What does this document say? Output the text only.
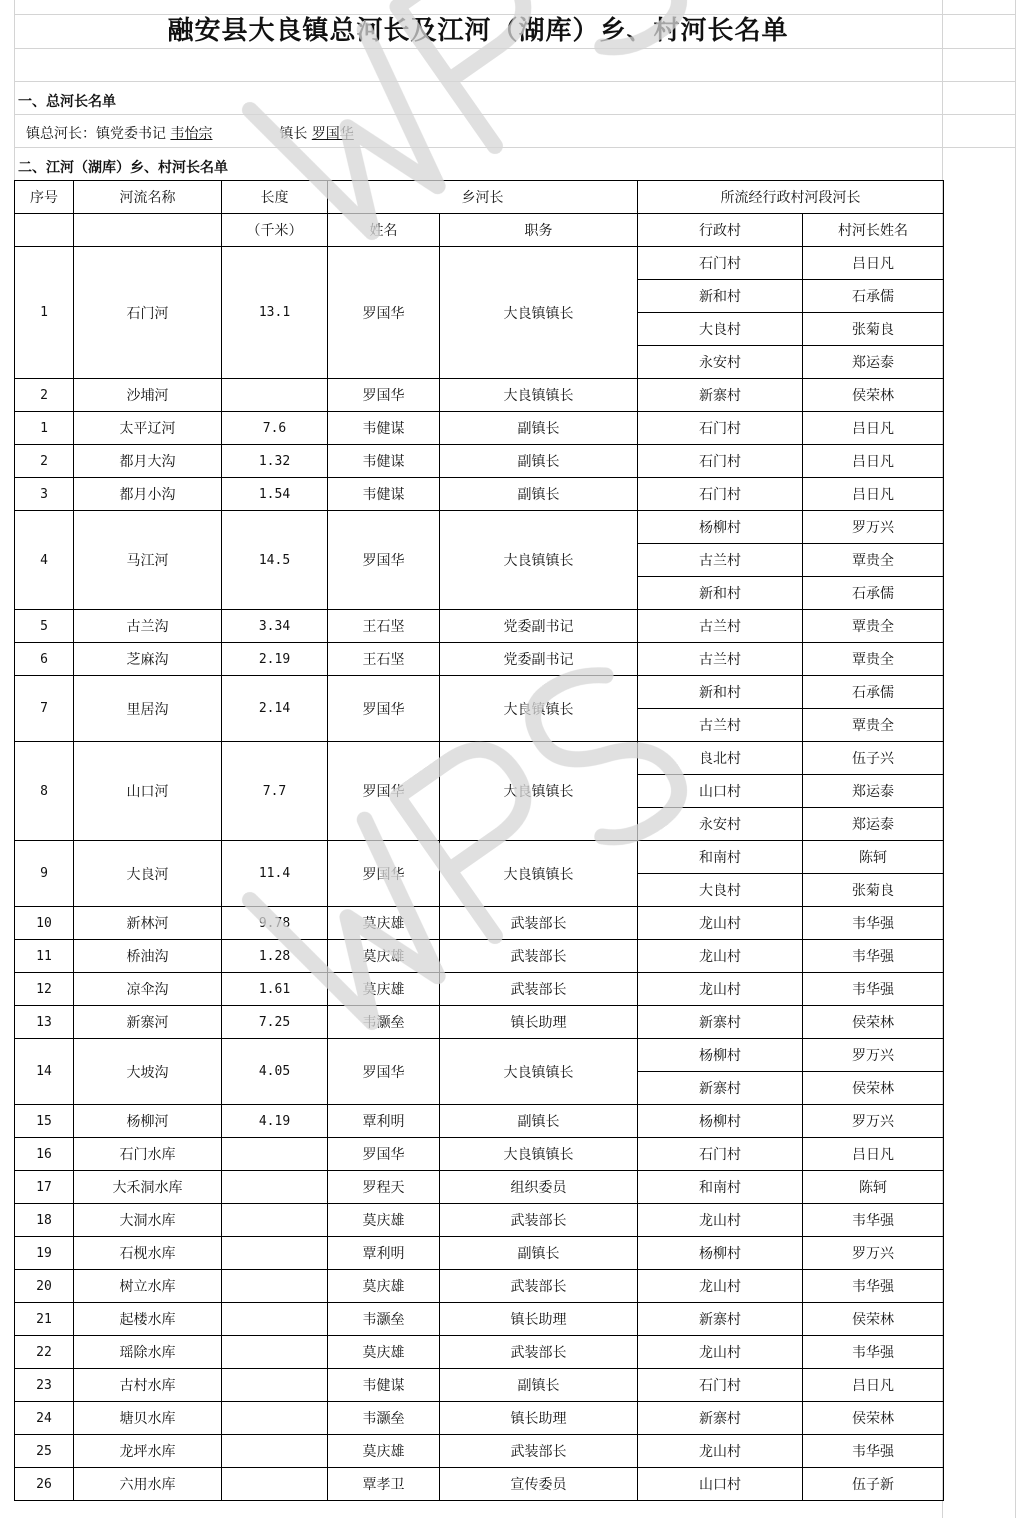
融安县大良镇总河长及江河（湖库）乡、村河长名单
一、总河长名单
镇总河长：镇党委书记 韦怡宗	镇长 罗国华
二、江河（湖库）乡、村河长名单
序号	河流名称	长度	乡河长		所流经行政村河段河长	
		（千米）	姓名	职务	行政村	村河长姓名
1	石门河	13.1	罗国华	大良镇镇长	石门村	吕日凡
					新和村	石承儒
					大良村	张菊良
					永安村	郑运泰
2	沙埔河		罗国华	大良镇镇长	新寨村	侯荣林
1	太平辽河	7.6	韦健谋	副镇长	石门村	吕日凡
2	都月大沟	1.32	韦健谋	副镇长	石门村	吕日凡
3	都月小沟	1.54	韦健谋	副镇长	石门村	吕日凡
4	马江河	14.5	罗国华	大良镇镇长	杨柳村	罗万兴
					古兰村	覃贵全
					新和村	石承儒
5	古兰沟	3.34	王石坚	党委副书记	古兰村	覃贵全
6	芝麻沟	2.19	王石坚	党委副书记	古兰村	覃贵全
7	里居沟	2.14	罗国华	大良镇镇长	新和村	石承儒
					古兰村	覃贵全
8	山口河	7.7	罗国华	大良镇镇长	良北村	伍子兴
					山口村	郑运泰
					永安村	郑运泰
9	大良河	11.4	罗国华	大良镇镇长	和南村	陈轲
					大良村	张菊良
10	新林河	9.78	莫庆雄	武装部长	龙山村	韦华强
11	桥油沟	1.28	莫庆雄	武装部长	龙山村	韦华强
12	凉伞沟	1.61	莫庆雄	武装部长	龙山村	韦华强
13	新寨河	7.25	韦灏垒	镇长助理	新寨村	侯荣林
14	大坡沟	4.05	罗国华	大良镇镇长	杨柳村	罗万兴
					新寨村	侯荣林
15	杨柳河	4.19	覃利明	副镇长	杨柳村	罗万兴
16	石门水库		罗国华	大良镇镇长	石门村	吕日凡
17	大禾洞水库		罗程天	组织委员	和南村	陈轲
18	大洞水库		莫庆雄	武装部长	龙山村	韦华强
19	石枧水库		覃利明	副镇长	杨柳村	罗万兴
20	树立水库		莫庆雄	武装部长	龙山村	韦华强
21	起楼水库		韦灏垒	镇长助理	新寨村	侯荣林
22	瑶除水库		莫庆雄	武装部长	龙山村	韦华强
23	古村水库		韦健谋	副镇长	石门村	吕日凡
24	塘贝水库		韦灏垒	镇长助理	新寨村	侯荣林
25	龙坪水库		莫庆雄	武装部长	龙山村	韦华强
26	六用水库		覃孝卫	宣传委员	山口村	伍子新
